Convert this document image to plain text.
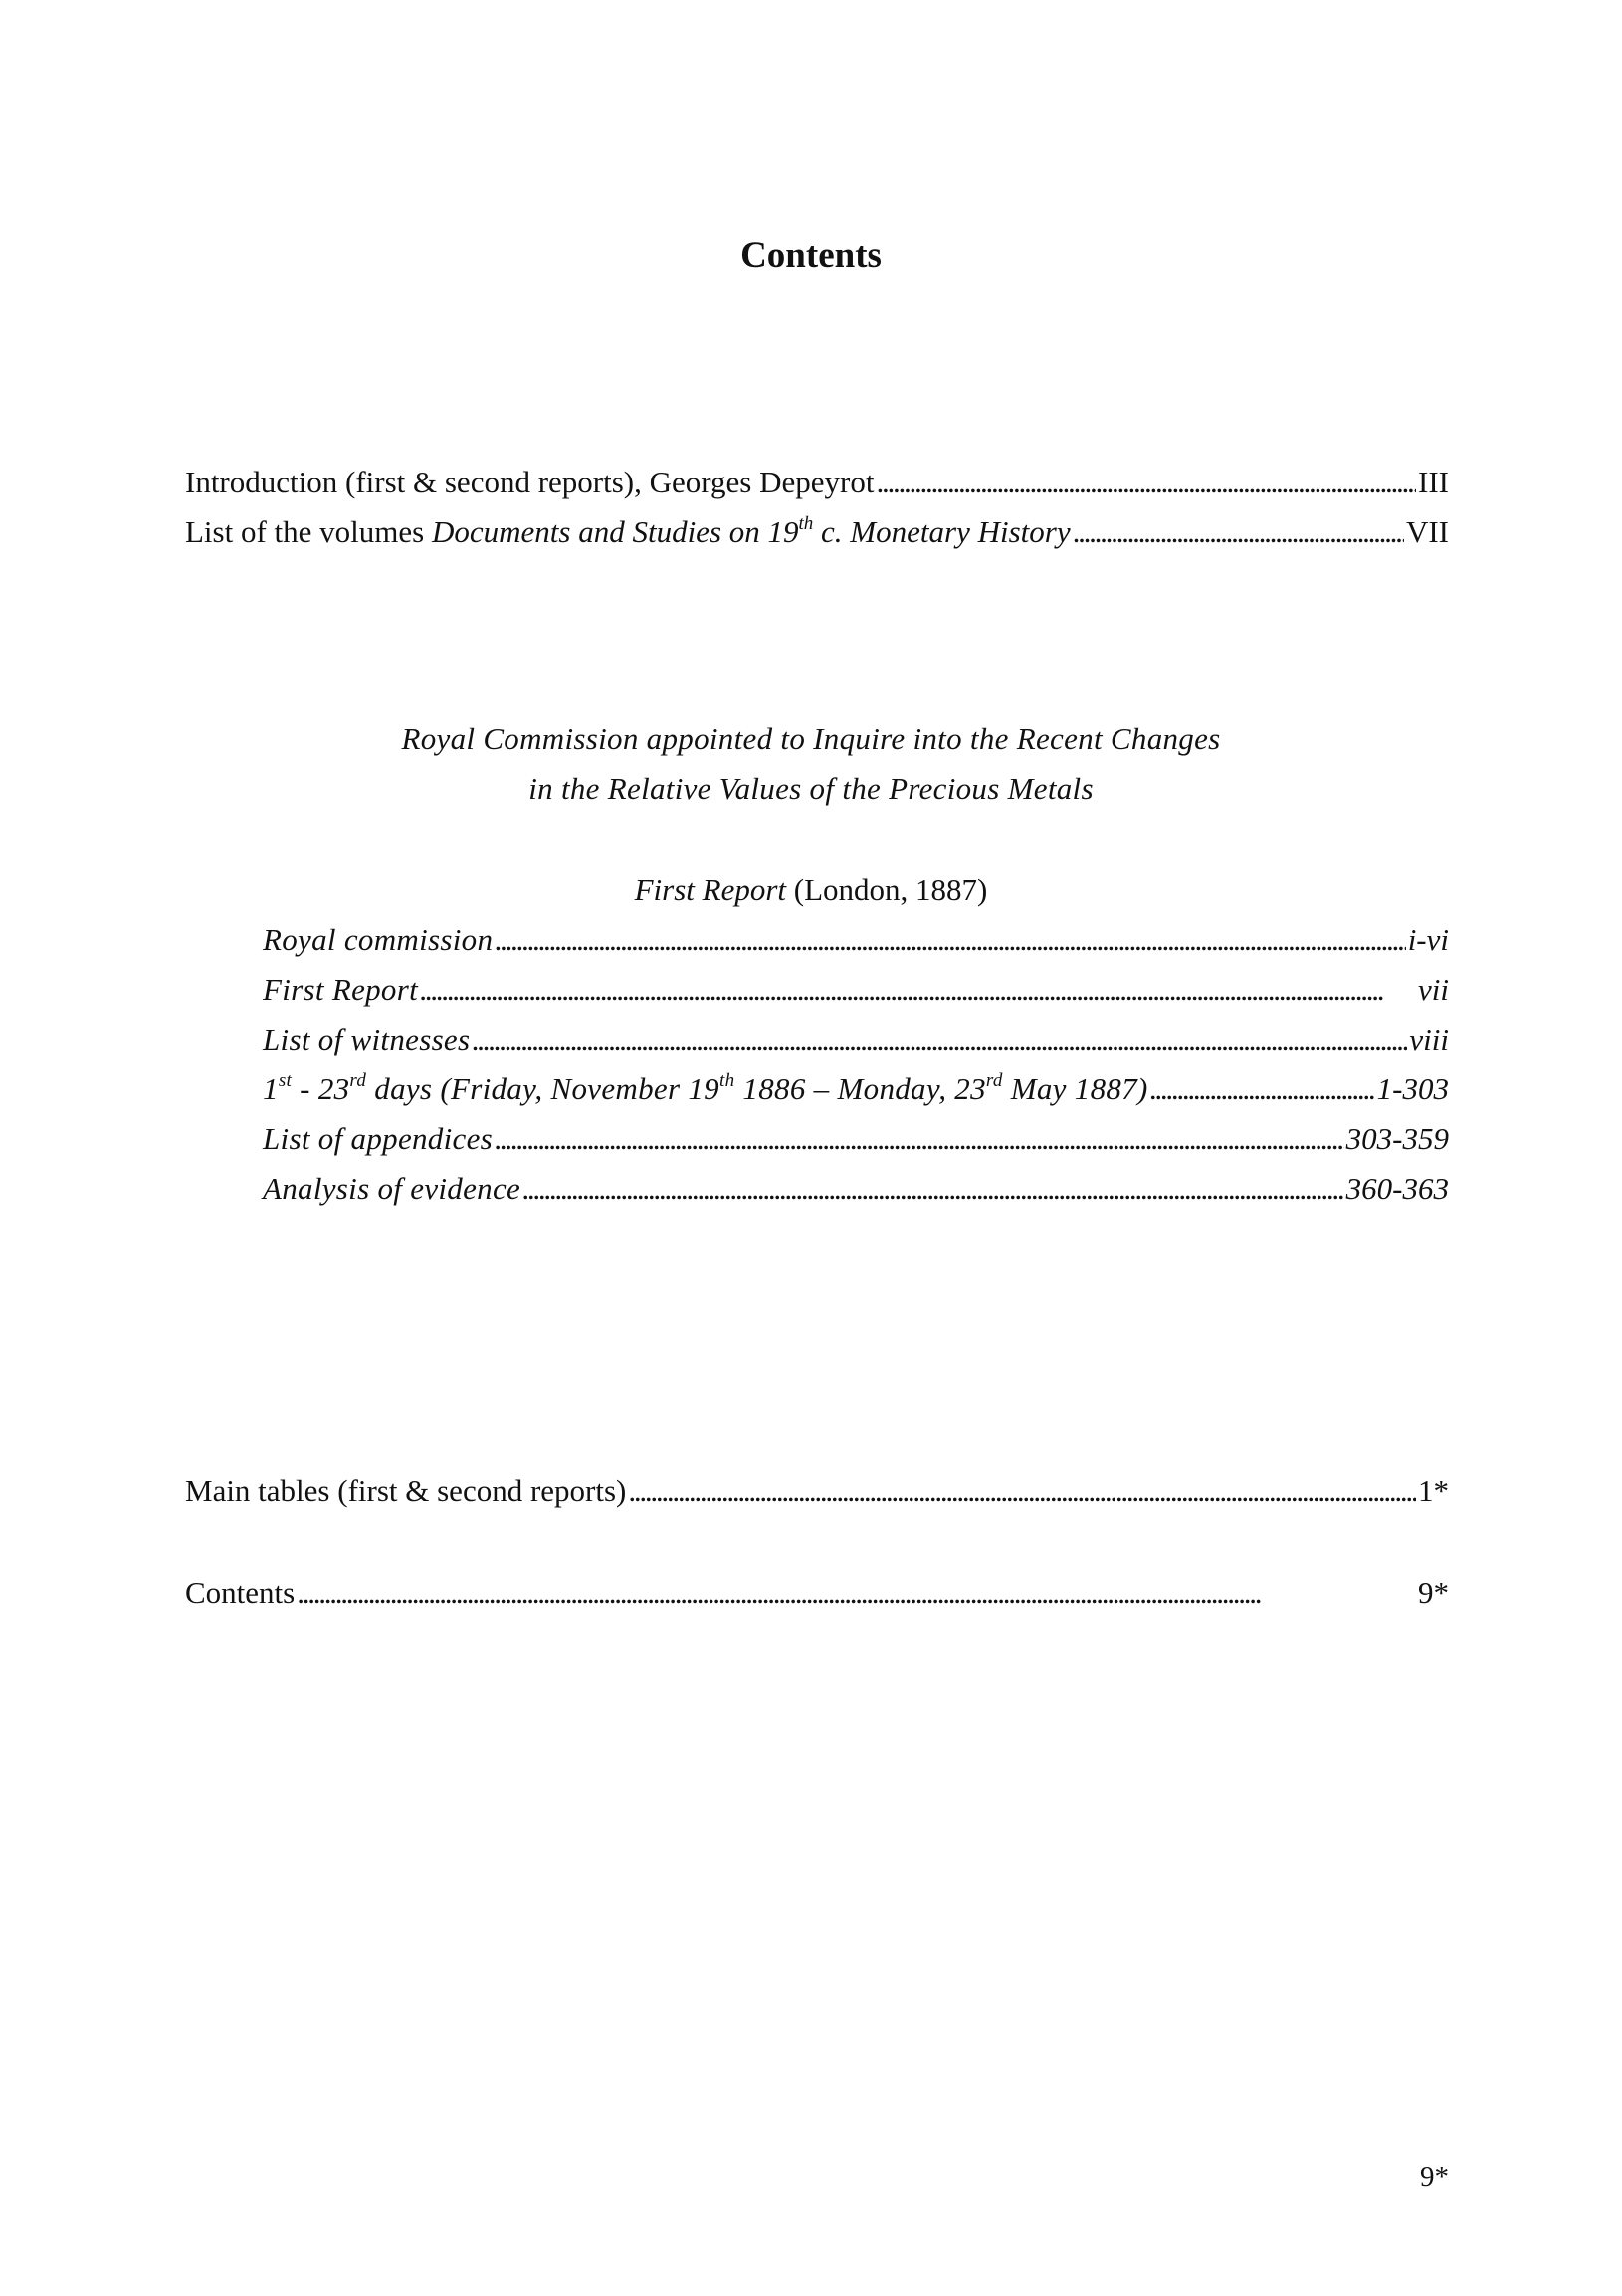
Contents
Introduction (first & second reports), Georges Depeyrot . . .	III
List of the volumes Documents and Studies on 19th c. Monetary History . . .	VII
Royal Commission appointed to Inquire into the Recent Changes
in the Relative Values of the Precious Metals
First Report (London, 1887)
Royal commission . . .	i-vi
First Report . . .	vii
List of witnesses . . .	viii
1st - 23rd days (Friday, November 19th 1886 – Monday, 23rd May 1887) . . .	1-303
List of appendices . . .	303-359
Analysis of evidence . . .	360-363
Main tables (first & second reports) . . .	1*
Contents . . .	9*
9*
